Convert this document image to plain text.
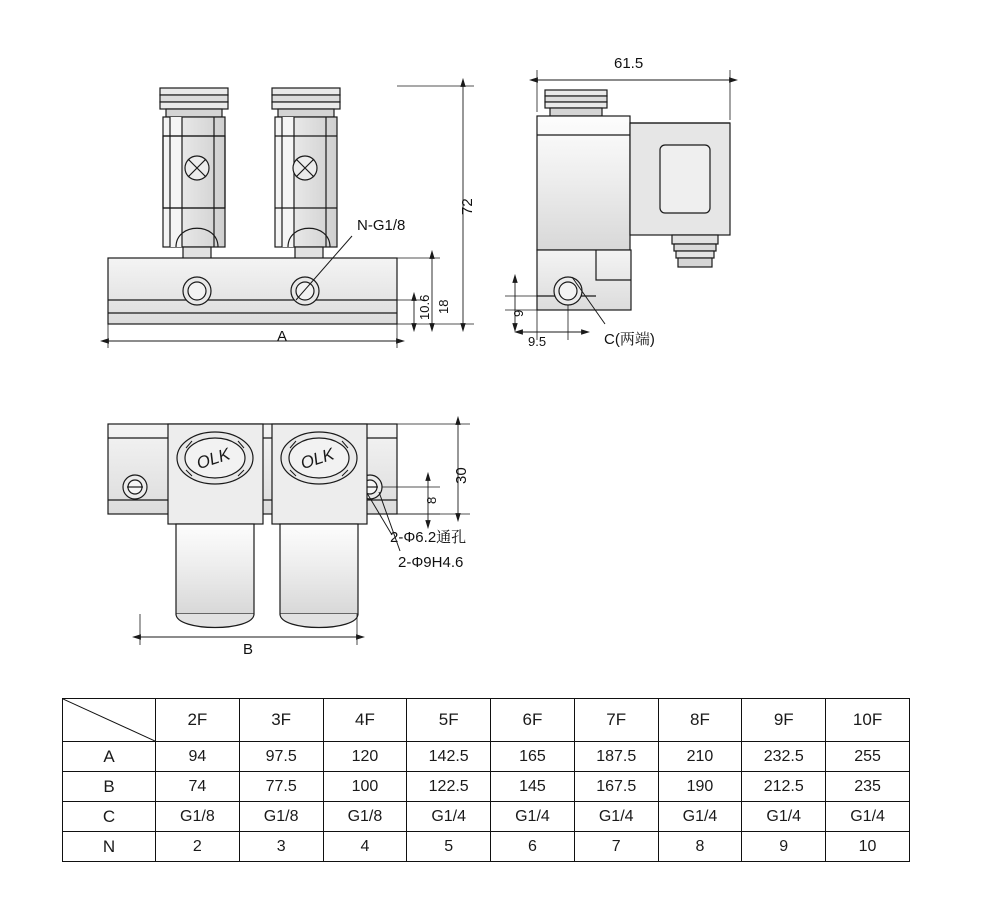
OLK	OLK
N-G1/8
A
72
10.6 18
61.5
9
9.5	C(两端)
30
8
2-Φ6.2通孔
2-Φ9H4.6
B
	2F	3F	4F	5F	6F	7F	8F	9F	10F
A	94	97.5	120	142.5	165	187.5	210	232.5	255
B	74	77.5	100	122.5	145	167.5	190	212.5	235
C	G1/8	G1/8	G1/8	G1/4	G1/4	G1/4	G1/4	G1/4	G1/4
N	2	3	4	5	6	7	8	9	10
